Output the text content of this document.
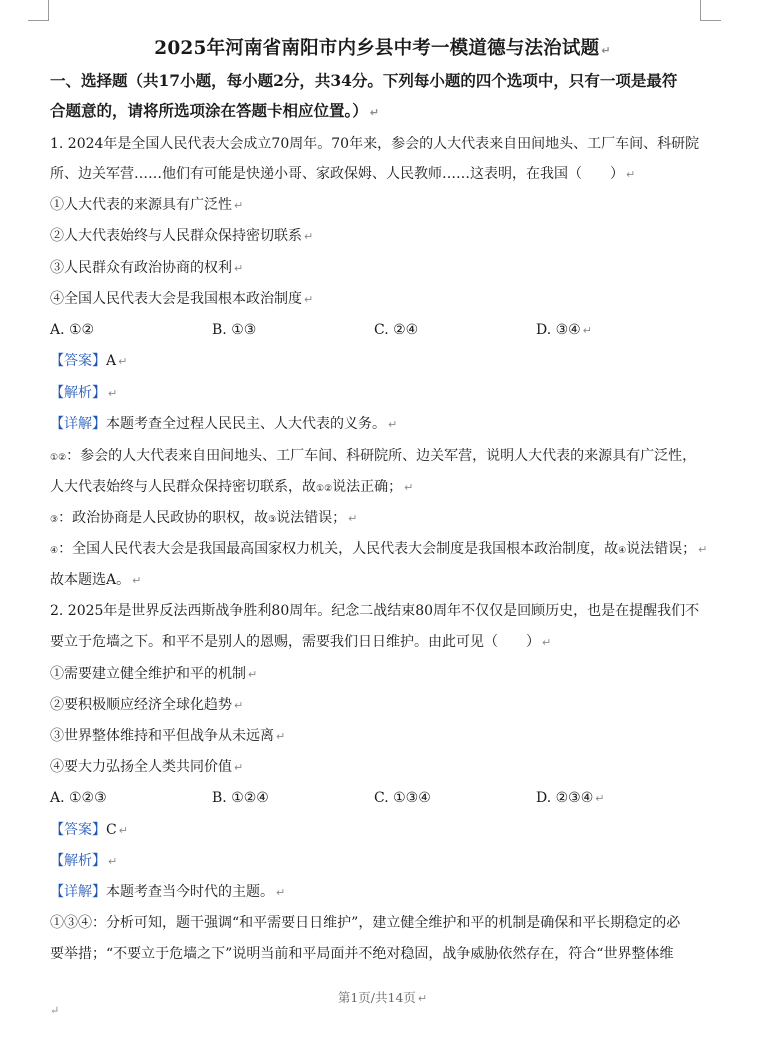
2025年河南省南阳市内乡县中考一模道德与法治试题 ↵
一、选择题（共17小题，每小题2分，共34分。下列每小题的四个选项中，只有一项是最符
合题意的，请将所选项涂在答题卡相应位置。） ↵
1. 2024年是全国人民代表大会成立70周年。70年来，参会的人大代表来自田间地头、工厂车间、科研院
所、边关军营……他们有可能是快递小哥、家政保姆、人民教师……这表明，在我国（　　） ↵
①人大代表的来源具有广泛性 ↵
②人大代表始终与人民群众保持密切联系 ↵
③人民群众有政治协商的权利 ↵
④全国人民代表大会是我国根本政治制度 ↵
A. ①②	B. ①③	C. ②④	D. ③④ ↵
【答案】A ↵
【解析】 ↵
【详解】本题考查全过程人民民主、人大代表的义务。 ↵
①②：参会的人大代表来自田间地头、工厂车间、科研院所、边关军营，说明人大代表的来源具有广泛性，
人大代表始终与人民群众保持密切联系，故①②说法正确； ↵
③：政治协商是人民政协的职权，故③说法错误； ↵
④：全国人民代表大会是我国最高国家权力机关，人民代表大会制度是我国根本政治制度，故④说法错误； ↵
故本题选A。 ↵
2. 2025年是世界反法西斯战争胜利80周年。纪念二战结束80周年不仅仅是回顾历史，也是在提醒我们不
要立于危墙之下。和平不是别人的恩赐，需要我们日日维护。由此可见（　　） ↵
①需要建立健全维护和平的机制 ↵
②要积极顺应经济全球化趋势 ↵
③世界整体维持和平但战争从未远离 ↵
④要大力弘扬全人类共同价值 ↵
A. ①②③	B. ①②④	C. ①③④	D. ②③④ ↵
【答案】C ↵
【解析】 ↵
【详解】本题考查当今时代的主题。 ↵
①③④：分析可知，题干强调“和平需要日日维护”，建立健全维护和平的机制是确保和平长期稳定的必
要举措；“不要立于危墙之下”说明当前和平局面并不绝对稳固，战争威胁依然存在，符合“世界整体维
第1页/共14页 ↵
↵
